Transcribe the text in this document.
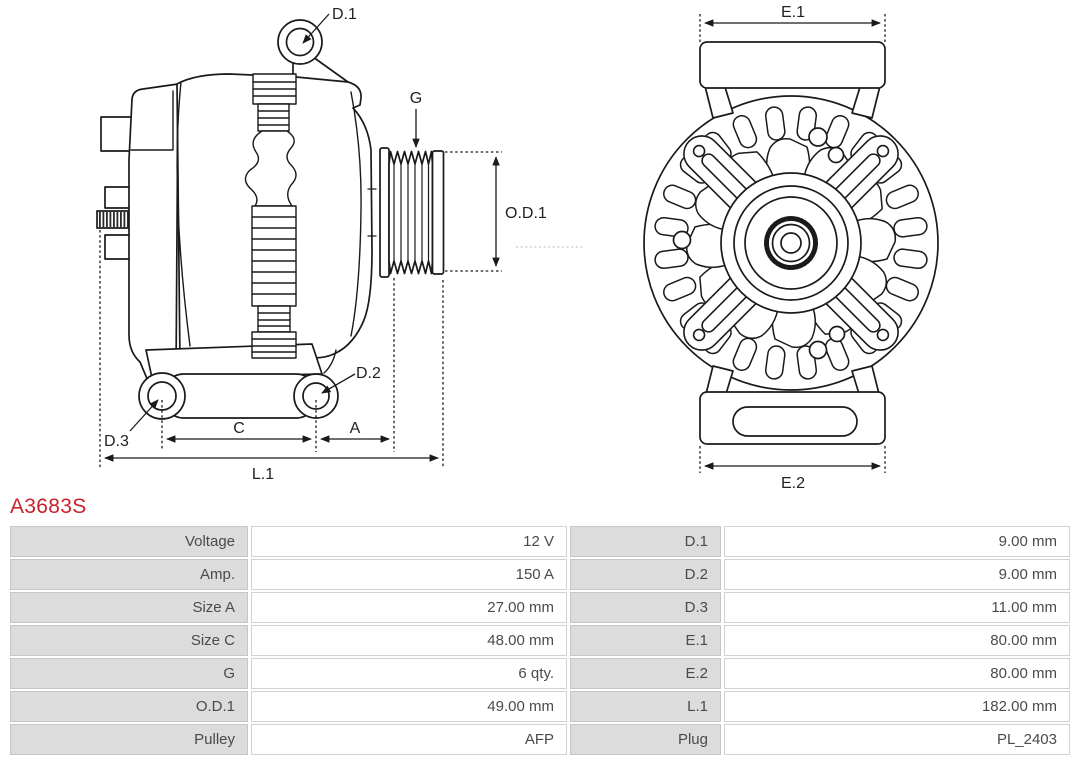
D.1
G
O.D.1
D.2
D.3
C	A
L.1
E.1
E.2
A3683S
Voltage	12 V	D.1	9.00 mm
Amp.	150 A	D.2	9.00 mm
Size A	27.00 mm	D.3	11.00 mm
Size C	48.00 mm	E.1	80.00 mm
G	6 qty.	E.2	80.00 mm
O.D.1	49.00 mm	L.1	182.00 mm
Pulley	AFP	Plug	PL_2403
